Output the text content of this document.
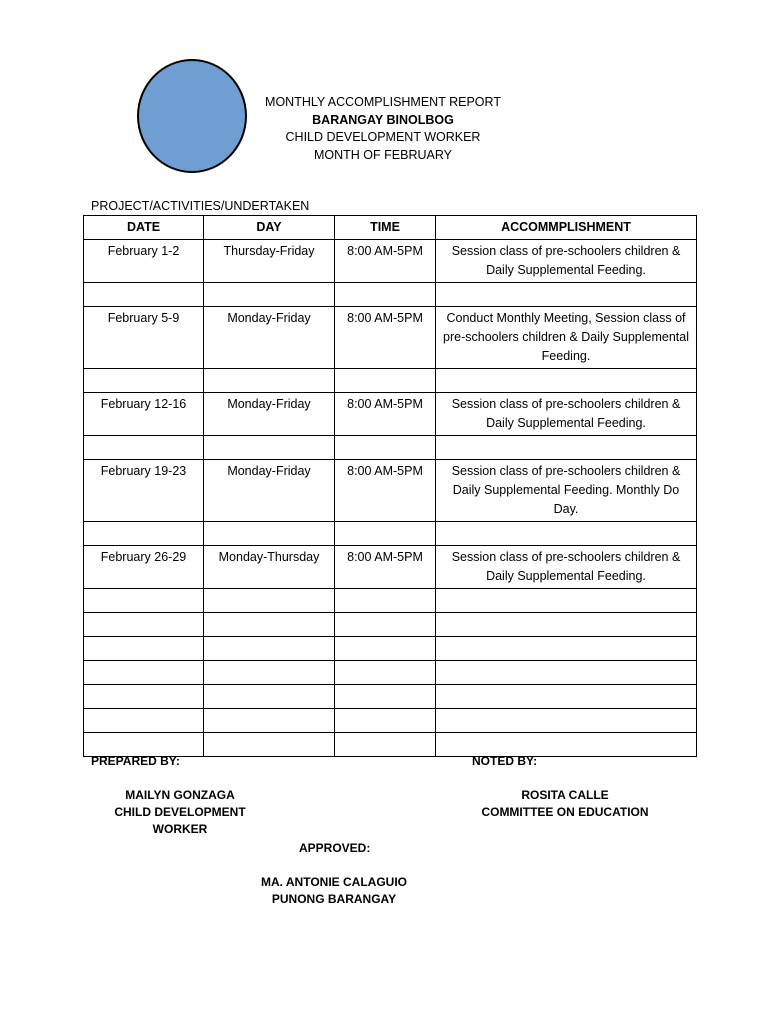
MONTHLY ACCOMPLISHMENT REPORT
BARANGAY BINOLBOG
CHILD DEVELOPMENT WORKER
MONTH OF FEBRUARY
PROJECT/ACTIVITIES/UNDERTAKEN
DATE	DAY	TIME	ACCOMMPLISHMENT
February 1-2	Thursday-Friday	8:00 AM-5PM	Session class of pre-schoolers children & Daily Supplemental Feeding.

February 5-9	Monday-Friday	8:00 AM-5PM	Conduct Monthly Meeting, Session class of pre-schoolers children & Daily Supplemental Feeding.

February 12-16	Monday-Friday	8:00 AM-5PM	Session class of pre-schoolers children & Daily Supplemental Feeding.

February 19-23	Monday-Friday	8:00 AM-5PM	Session class of pre-schoolers children & Daily Supplemental Feeding. Monthly Do Day.

February 26-29	Monday-Thursday	8:00 AM-5PM	Session class of pre-schoolers children & Daily Supplemental Feeding.

PREPARED BY:
MAILYN GONZAGA
CHILD DEVELOPMENT WORKER
NOTED BY:
ROSITA CALLE
COMMITTEE ON EDUCATION
APPROVED:
MA. ANTONIE CALAGUIO
PUNONG BARANGAY
